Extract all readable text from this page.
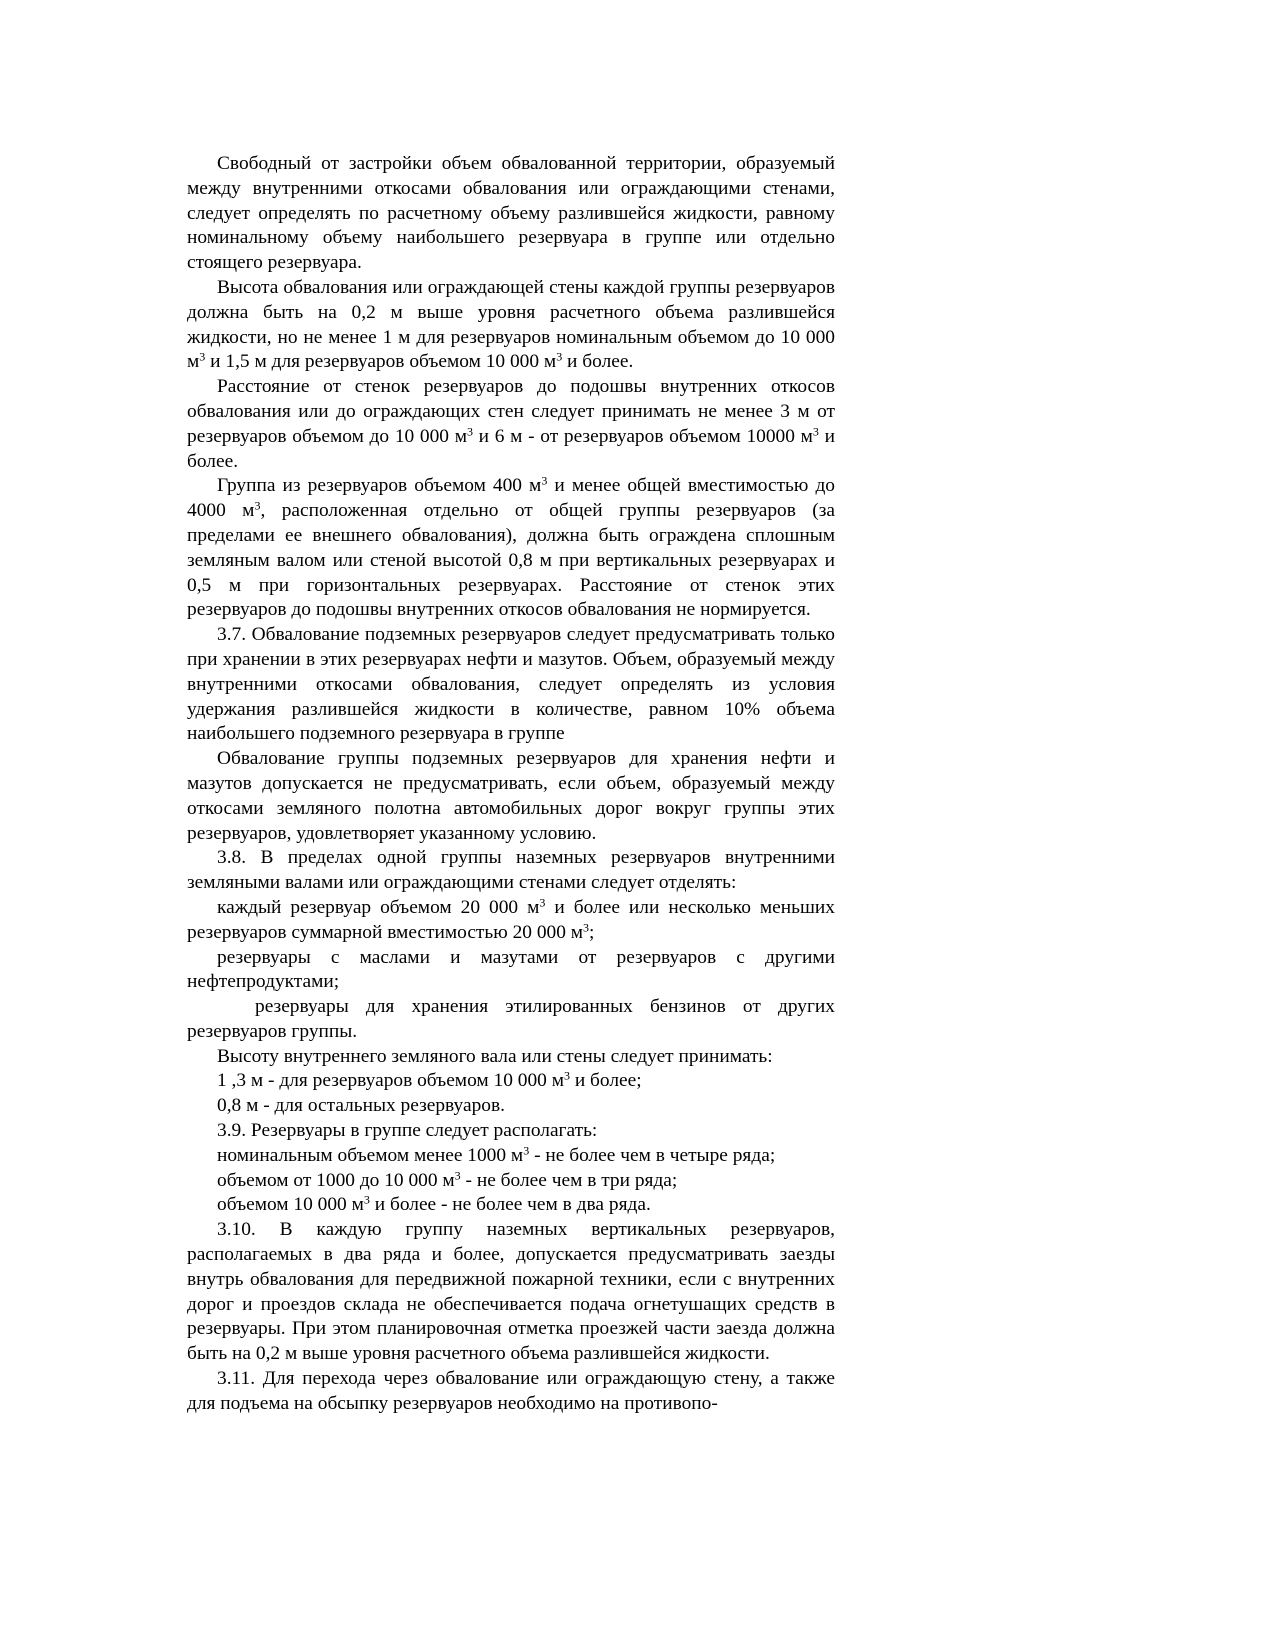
Свободный от застройки объем обвалованной территории, образуемый между внутренними откосами обвалования или ограждающими стенами, следует определять по расчетному объему разлившейся жидкости, равному номинальному объему наибольшего резервуара в группе или отдельно стоящего резервуара.

Высота обвалования или ограждающей стены каждой группы резервуаров должна быть на 0,2 м выше уровня расчетного объема разлившейся жидкости, но не менее 1 м для резервуаров номинальным объемом до 10 000 $м^3$ и 1,5 м для резервуаров объемом 10 000 $м^3$ и более.

Расстояние от стенок резервуаров до подошвы внутренних откосов обвалования или до ограждающих стен следует принимать не менее 3 м от резервуаров объемом до 10 000 $м^3$ и 6 м - от резервуаров объемом 10000 $м^3$ и более.

Группа из резервуаров объемом 400 $м^3$ и менее общей вместимостью до 4000 $м^3$, расположенная отдельно от общей группы резервуаров (за пределами ее внешнего обвалования), должна быть ограждена сплошным земляным валом или стеной высотой 0,8 м при вертикальных резервуарах и 0,5 м при горизонтальных резервуарах. Расстояние от стенок этих резервуаров до подошвы внутренних откосов обвалования не нормируется.

3.7. Обвалование подземных резервуаров следует предусматривать только при хранении в этих резервуарах нефти и мазутов. Объем, образуемый между внутренними откосами обвалования, следует определять из условия удержания разлившейся жидкости в количестве, равном 10% объема наибольшего подземного резервуара в группе

Обвалование группы подземных резервуаров для хранения нефти и мазутов допускается не предусматривать, если объем, образуемый между откосами земляного полотна автомобильных дорог вокруг группы этих резервуаров, удовлетворяет указанному условию.

3.8. В пределах одной группы наземных резервуаров внутренними земляными валами или ограждающими стенами следует отделять:

каждый резервуар объемом 20 000 $м^3$ и более или несколько меньших резервуаров суммарной вместимостью 20 000 $м^3$;

резервуары с маслами и мазутами от резервуаров с другими нефтепродуктами;

резервуары для хранения этилированных бензинов от других резервуаров группы.

Высоту внутреннего земляного вала или стены следует принимать:

1 ,3 м - для резервуаров объемом 10 000 $м^3$ и более;

0,8 м - для остальных резервуаров.

3.9. Резервуары в группе следует располагать:

номинальным объемом менее 1000 $м^3$ - не более чем в четыре ряда;

объемом от 1000 до 10 000 $м^3$ - не более чем в три ряда;

объемом 10 000 $м^3$ и более - не более чем в два ряда.

3.10. В каждую группу наземных вертикальных резервуаров, располагаемых в два ряда и более, допускается предусматривать заезды внутрь обвалования для передвижной пожарной техники, если с внутренних дорог и проездов склада не обеспечивается подача огнетушащих средств в резервуары. При этом планировочная отметка проезжей части заезда должна быть на 0,2 м выше уровня расчетного объема разлившейся жидкости.

3.11. Для перехода через обвалование или ограждающую стену, а также для подъема на обсыпку резервуаров необходимо на противопо-
